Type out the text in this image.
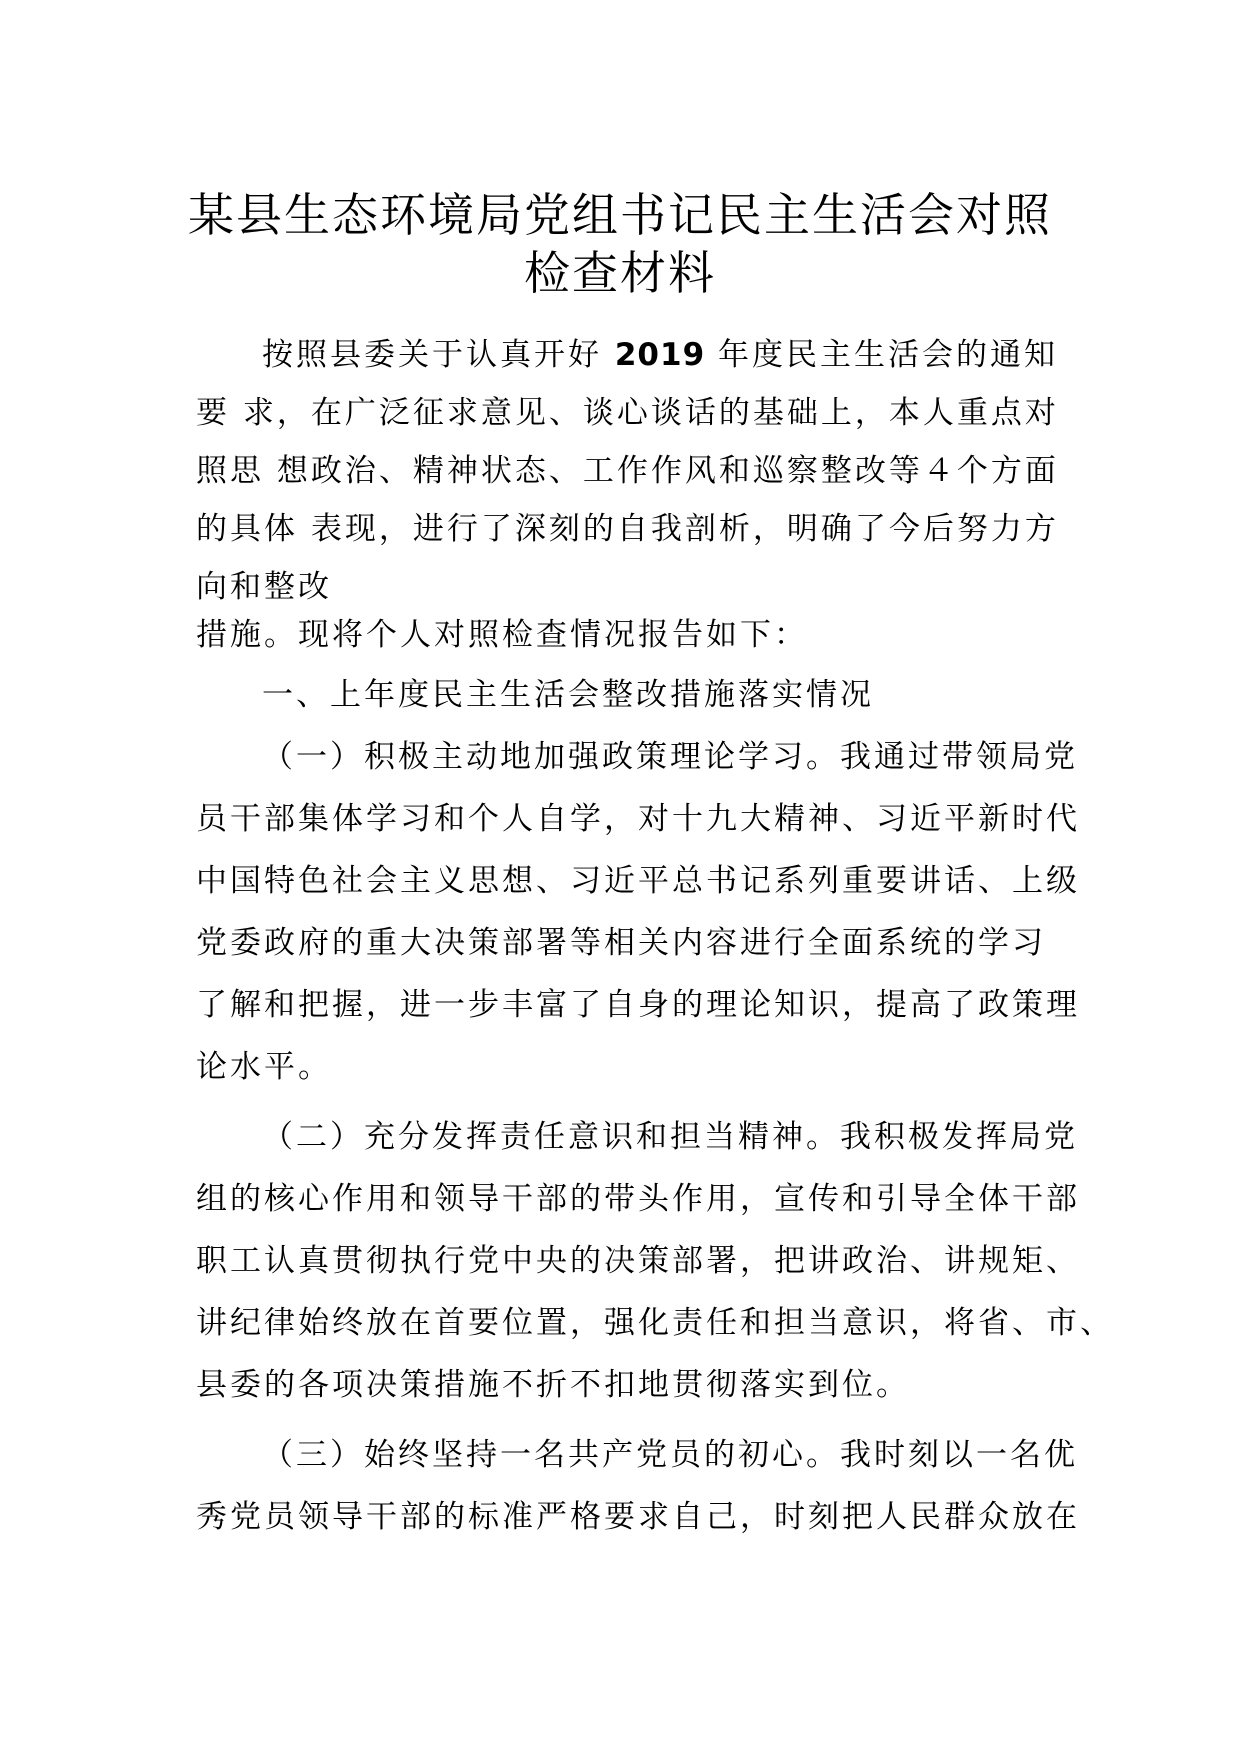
某县生态环境局党组书记民主生活会对照
检查材料
按照县委关于认真开好 2019 年度民主生活会的通知
要 求，在广泛征求意见、谈心谈话的基础上，本人重点对
照思 想政治、精神状态、工作作风和巡察整改等４个方面
的具体 表现，进行了深刻的自我剖析，明确了今后努力方
向和整改
措施。现将个人对照检查情况报告如下：
一、上年度民主生活会整改措施落实情况
（一）积极主动地加强政策理论学习。我通过带领局党
员干部集体学习和个人自学，对十九大精神、习近平新时代
中国特色社会主义思想、习近平总书记系列重要讲话、上级
党委政府的重大决策部署等相关内容进行全面系统的学习
了解和把握，进一步丰富了自身的理论知识，提高了政策理
论水平。
（二）充分发挥责任意识和担当精神。我积极发挥局党
组的核心作用和领导干部的带头作用，宣传和引导全体干部
职工认真贯彻执行党中央的决策部署，把讲政治、讲规矩、
讲纪律始终放在首要位置，强化责任和担当意识，将省、市、
县委的各项决策措施不折不扣地贯彻落实到位。
（三）始终坚持一名共产党员的初心。我时刻以一名优
秀党员领导干部的标准严格要求自己，时刻把人民群众放在
